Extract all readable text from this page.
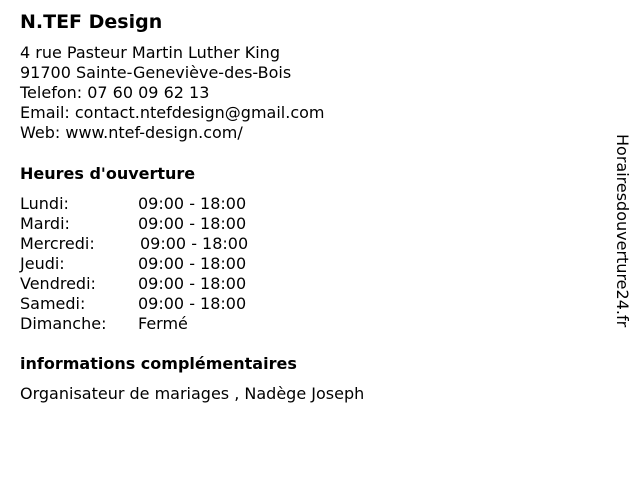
N.TEF Design
4 rue Pasteur Martin Luther King
91700 Sainte-Geneviève-des-Bois
Telefon: 07 60 09 62 13
Email: contact.ntefdesign@gmail.com
Web: www.ntef-design.com/
Heures d'ouverture
Lundi:	09:00 - 18:00
Mardi:	09:00 - 18:00
Mercredi:	09:00 - 18:00
Jeudi:	09:00 - 18:00
Vendredi:	09:00 - 18:00
Samedi:	09:00 - 18:00
Dimanche: Fermé
informations complémentaires
Organisateur de mariages , Nadège Joseph
Horairesdouverture24.fr
